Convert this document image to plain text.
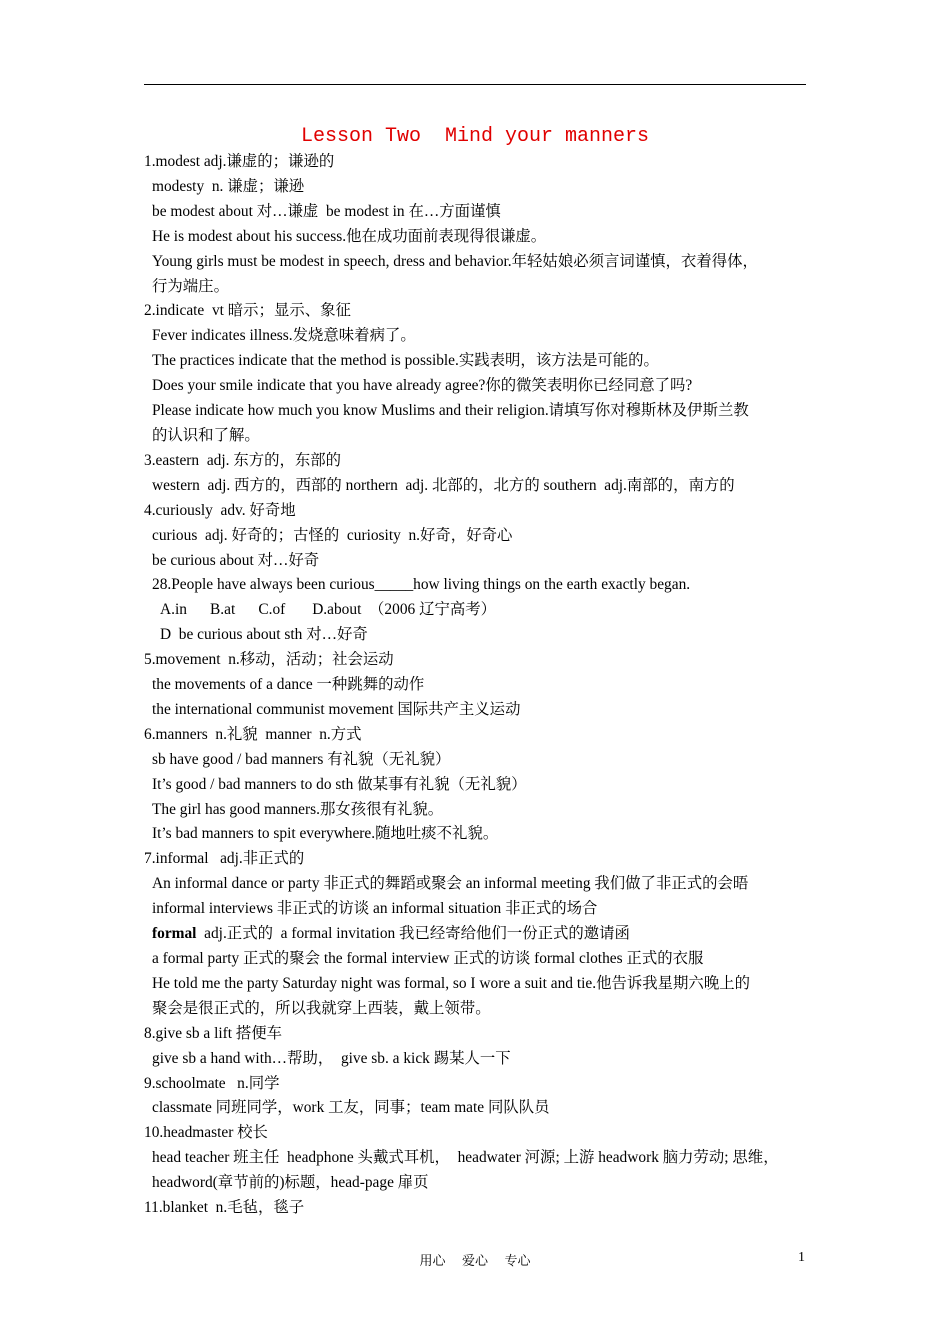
Lesson Two  Mind your manners
1.modest adj.谦虚的；谦逊的
modesty  n. 谦虚；谦逊
be modest about 对…谦虚  be modest in 在…方面谨慎
He is modest about his success.他在成功面前表现得很谦虚。
Young girls must be modest in speech, dress and behavior.年轻姑娘必须言词谨慎，衣着得体，
行为端庄。
2.indicate  vt 暗示；显示、象征
Fever indicates illness.发烧意味着病了。
The practices indicate that the method is possible.实践表明，该方法是可能的。
Does your smile indicate that you have already agree?你的微笑表明你已经同意了吗?
Please indicate how much you know Muslims and their religion.请填写你对穆斯林及伊斯兰教
的认识和了解。
3.eastern  adj. 东方的，东部的
western  adj. 西方的，西部的 northern  adj. 北部的，北方的 southern  adj.南部的，南方的
4.curiously  adv. 好奇地
curious  adj. 好奇的；古怪的  curiosity  n.好奇，好奇心
be curious about 对…好奇
28.People have always been curious_____how living things on the earth exactly began.
A.in      B.at      C.of       D.about  （2006 辽宁高考）
D  be curious about sth 对…好奇
5.movement  n.移动，活动；社会运动
the movements of a dance 一种跳舞的动作
the international communist movement 国际共产主义运动
6.manners  n.礼貌  manner  n.方式
sb have good / bad manners 有礼貌（无礼貌）
It’s good / bad manners to do sth 做某事有礼貌（无礼貌）
The girl has good manners.那女孩很有礼貌。
It’s bad manners to spit everywhere.随地吐痰不礼貌。
7.informal   adj.非正式的
An informal dance or party 非正式的舞蹈或聚会 an informal meeting 我们做了非正式的会晤
informal interviews 非正式的访谈 an informal situation 非正式的场合
formal  adj.正式的  a formal invitation 我已经寄给他们一份正式的邀请函
a formal party 正式的聚会 the formal interview 正式的访谈 formal clothes 正式的衣服
He told me the party Saturday night was formal, so I wore a suit and tie.他告诉我星期六晚上的
聚会是很正式的，所以我就穿上西装，戴上领带。
8.give sb a lift 搭便车
give sb a hand with…帮助，  give sb. a kick 踢某人一下
9.schoolmate   n.同学
classmate 同班同学，work 工友，同事；team mate 同队队员
10.headmaster 校长
head teacher 班主任  headphone 头戴式耳机，  headwater 河源; 上游 headwork 脑力劳动; 思维，
headword(章节前的)标题，head-page 扉页
11.blanket  n.毛毡，毯子
用心    爱心    专心	1
